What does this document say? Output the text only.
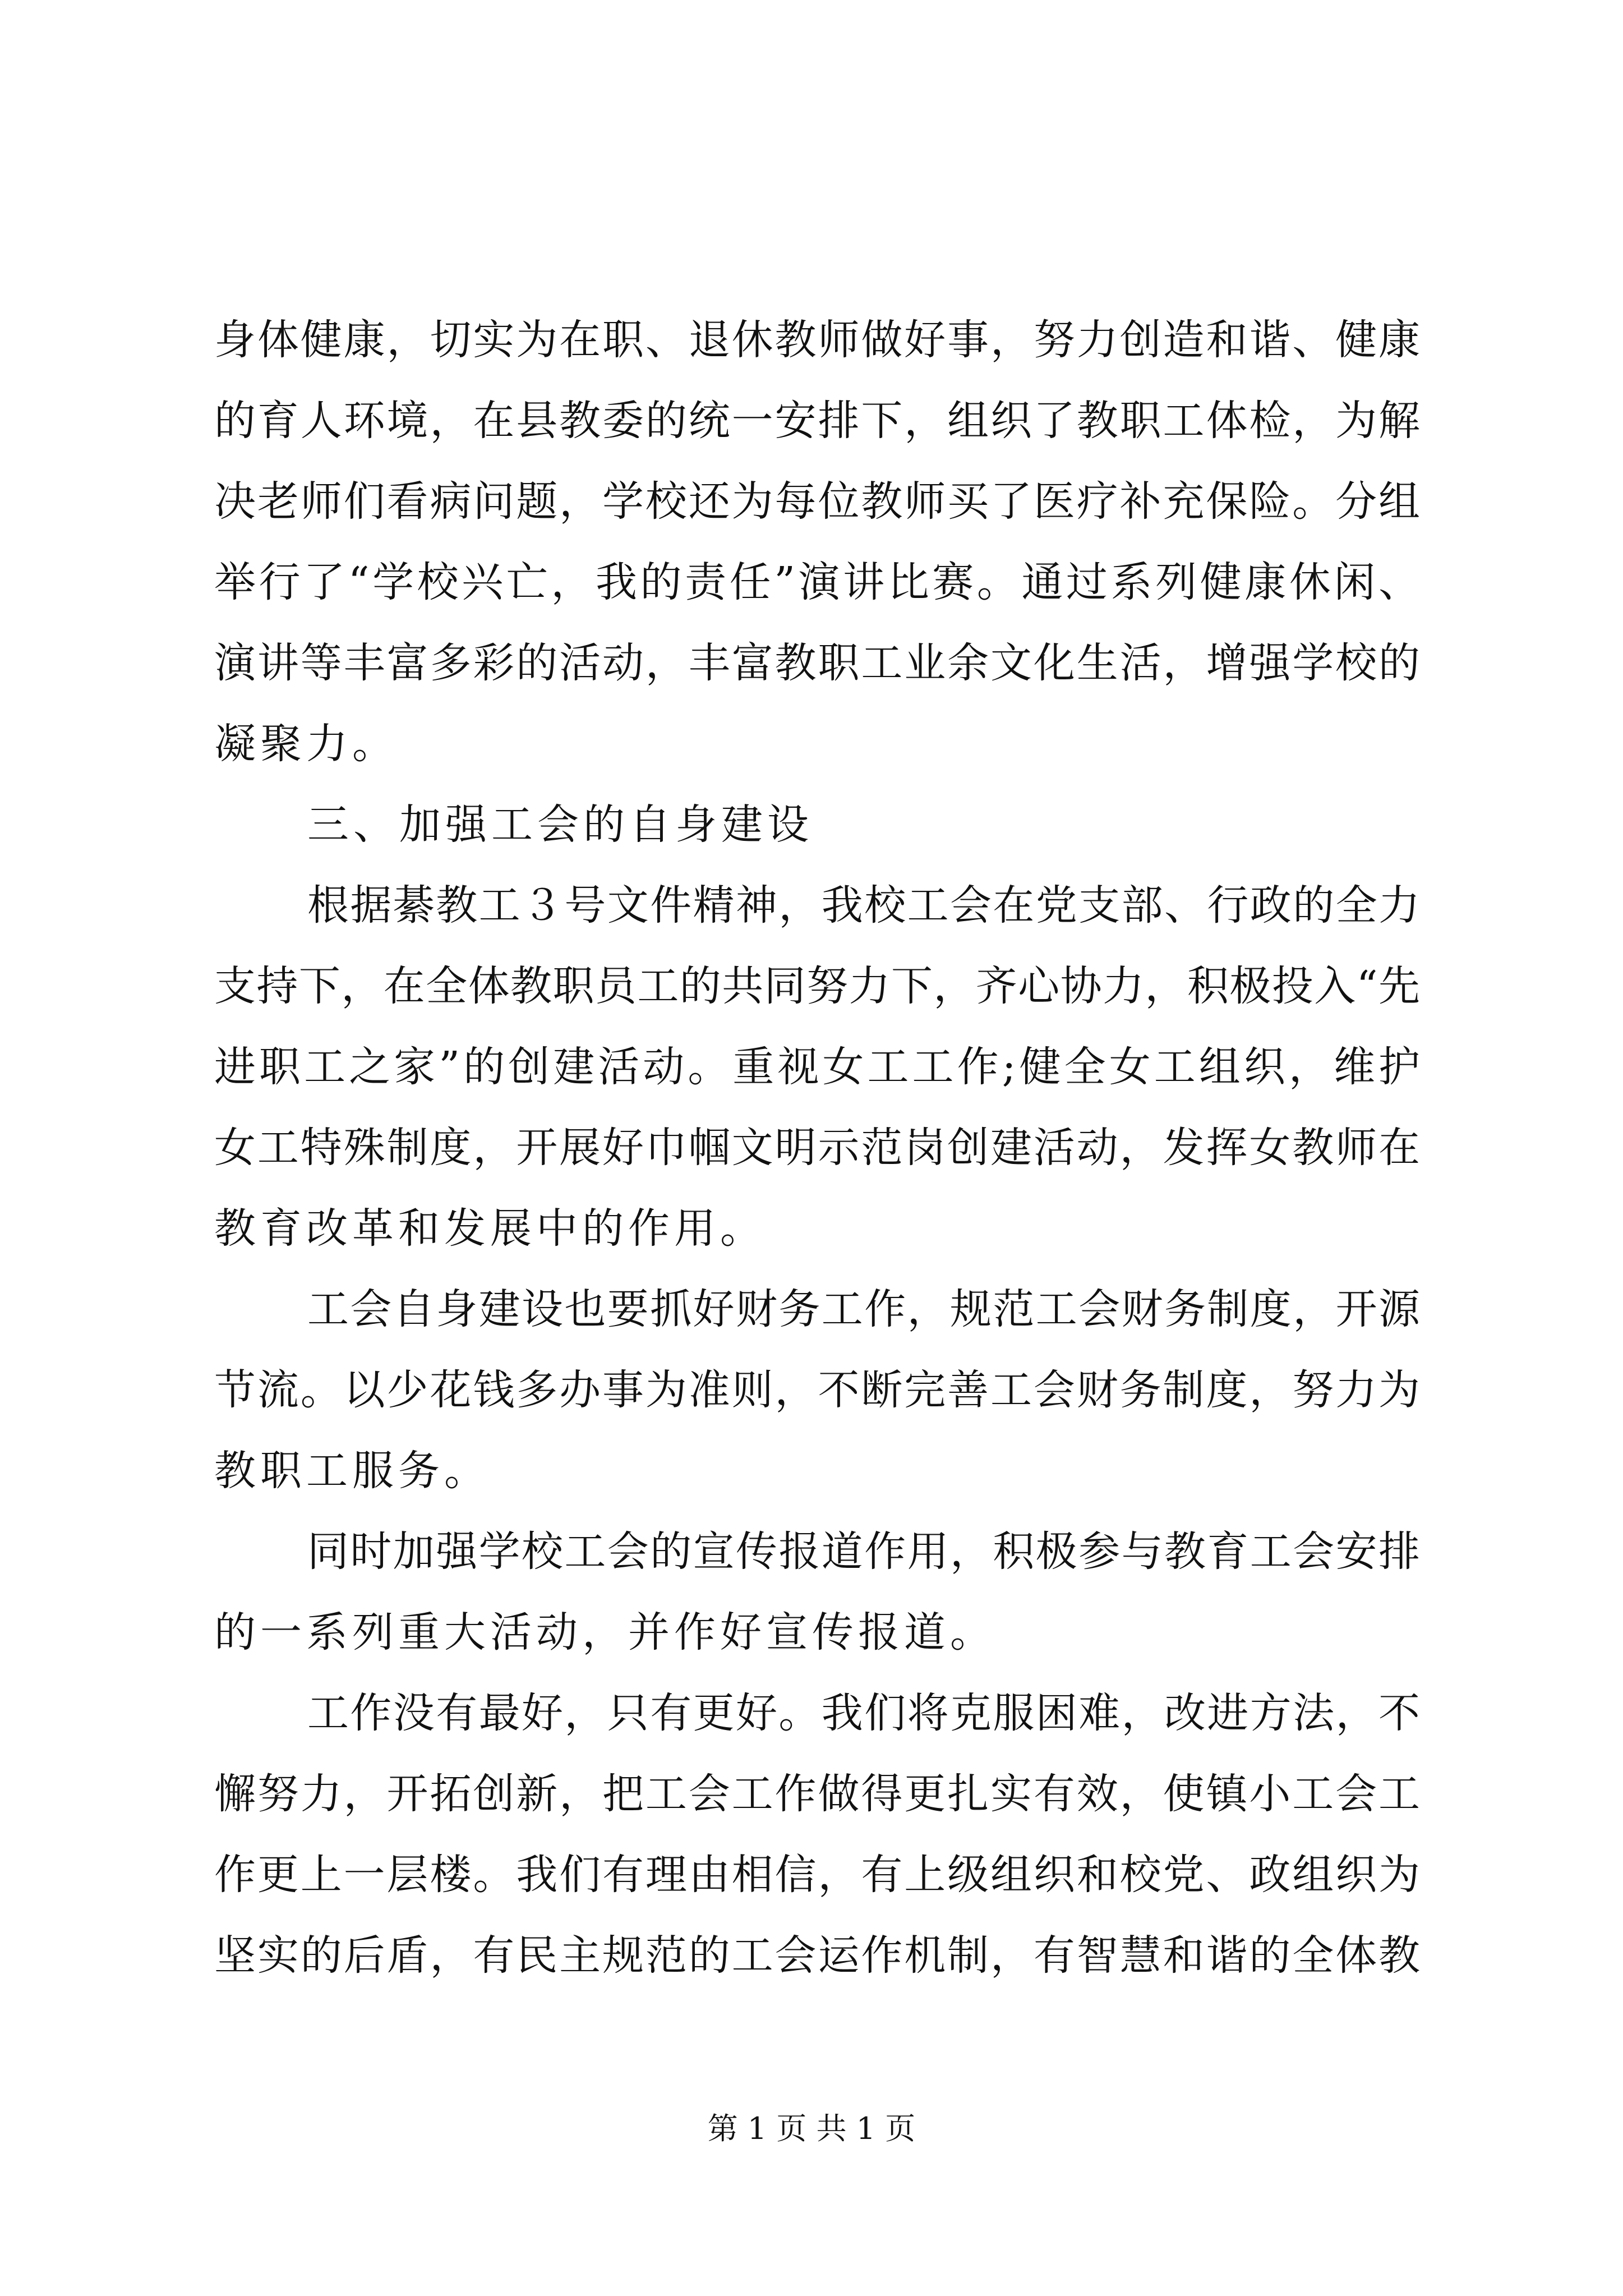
身体健康，切实为在职、退休教师做好事，努力创造和谐、健康
的育人环境，在县教委的统一安排下，组织了教职工体检，为解
决老师们看病问题，学校还为每位教师买了医疗补充保险。分组
举行了“学校兴亡，我的责任”演讲比赛。通过系列健康休闲、
演讲等丰富多彩的活动，丰富教职工业余文化生活，增强学校的
凝聚力。
三、加强工会的自身建设
根据綦教工３号文件精神，我校工会在党支部、行政的全力
支持下，在全体教职员工的共同努力下，齐心协力，积极投入“先
进职工之家”的创建活动。重视女工工作;健全女工组织，维护
女工特殊制度，开展好巾帼文明示范岗创建活动，发挥女教师在
教育改革和发展中的作用。
工会自身建设也要抓好财务工作，规范工会财务制度，开源
节流。以少花钱多办事为准则，不断完善工会财务制度，努力为
教职工服务。
同时加强学校工会的宣传报道作用，积极参与教育工会安排
的一系列重大活动，并作好宣传报道。
工作没有最好，只有更好。我们将克服困难，改进方法，不
懈努力，开拓创新，把工会工作做得更扎实有效，使镇小工会工
作更上一层楼。我们有理由相信，有上级组织和校党、政组织为
坚实的后盾，有民主规范的工会运作机制，有智慧和谐的全体教
第 1 页 共 1 页
